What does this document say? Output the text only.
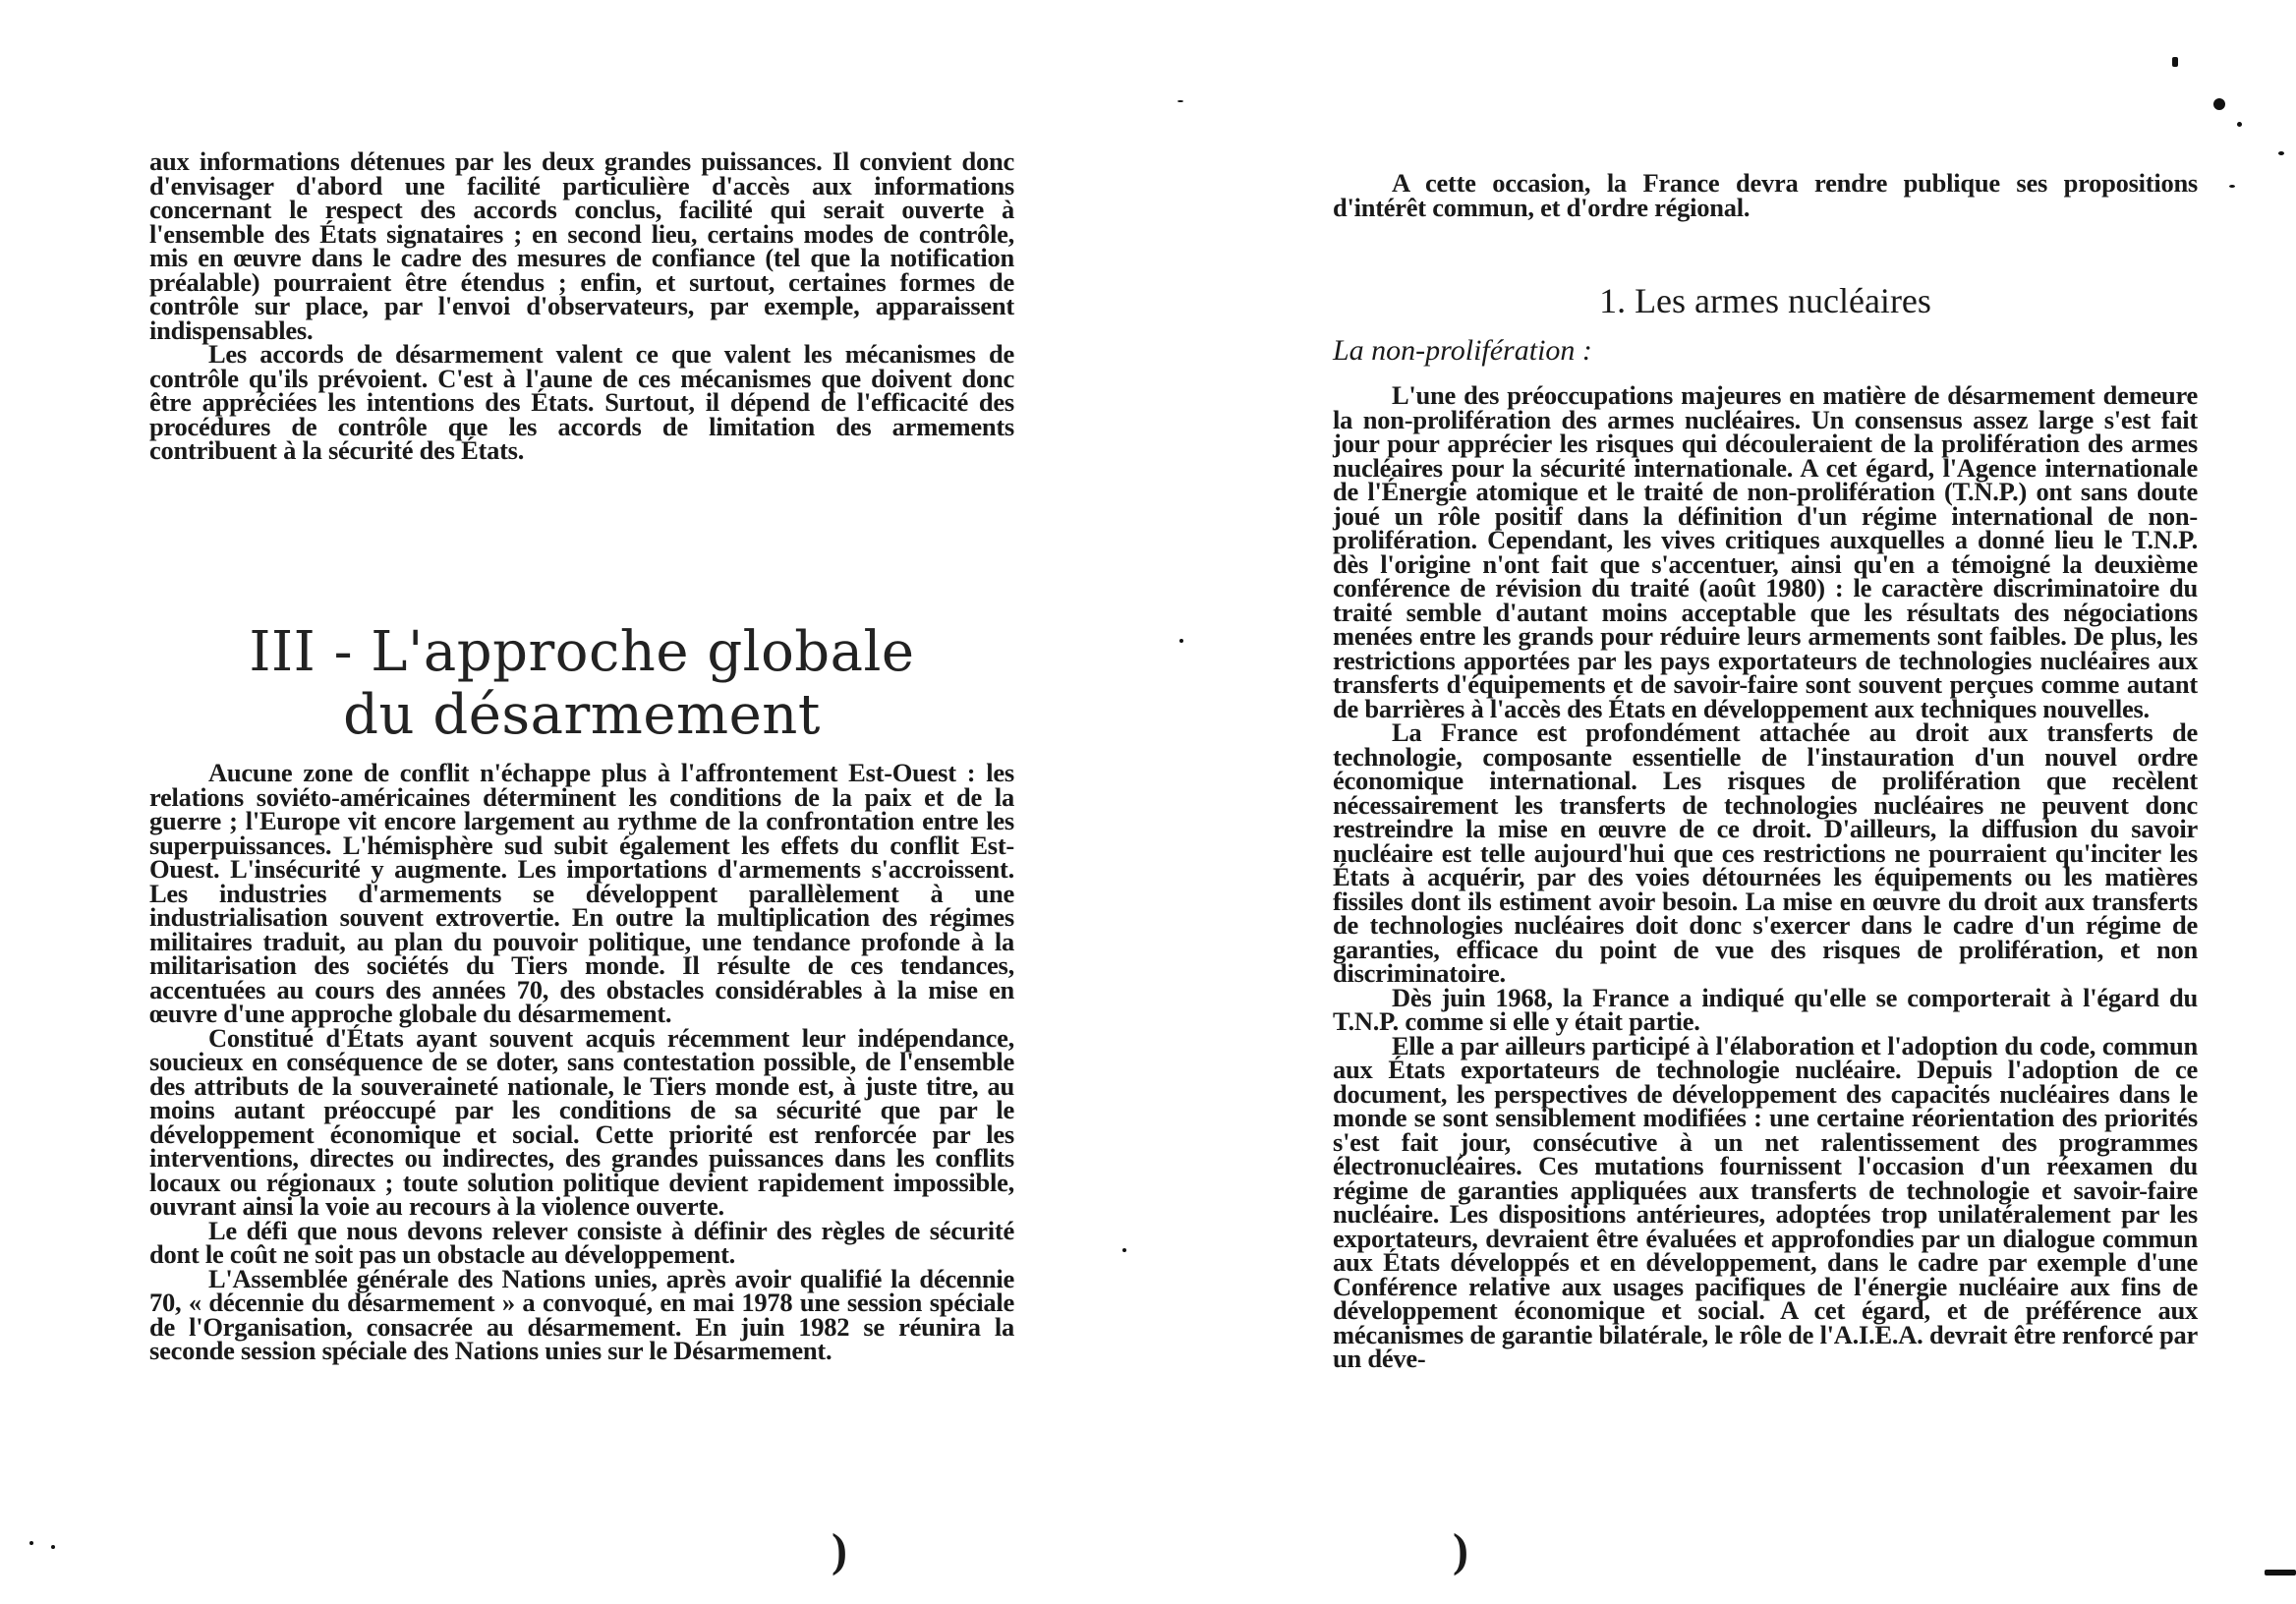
aux informations détenues par les deux grandes puissances. Il convient donc d'envisager d'abord une facilité particulière d'accès aux informations concernant le respect des accords conclus, facilité qui serait ouverte à l'ensemble des États signataires ; en second lieu, certains modes de contrôle, mis en œuvre dans le cadre des mesures de confiance (tel que la notification préalable) pourraient être étendus ; enfin, et surtout, certaines formes de contrôle sur place, par l'envoi d'observateurs, par exemple, apparaissent indispensables.

Les accords de désarmement valent ce que valent les mécanismes de contrôle qu'ils prévoient. C'est à l'aune de ces mécanismes que doivent donc être appréciées les intentions des États. Surtout, il dépend de l'efficacité des procédures de contrôle que les accords de limitation des armements contribuent à la sécurité des États.

III - L'approche globale
du désarmement

Aucune zone de conflit n'échappe plus à l'affrontement Est-Ouest : les relations soviéto-américaines déterminent les conditions de la paix et de la guerre ; l'Europe vit encore largement au rythme de la confrontation entre les superpuissances. L'hémisphère sud subit également les effets du conflit Est-Ouest. L'insécurité y augmente. Les importations d'armements s'accroissent. Les industries d'armements se développent parallèlement à une industrialisation souvent extrovertie. En outre la multiplication des régimes militaires traduit, au plan du pouvoir politique, une tendance profonde à la militarisation des sociétés du Tiers monde. Il résulte de ces tendances, accentuées au cours des années 70, des obstacles considérables à la mise en œuvre d'une approche globale du désarmement.

Constitué d'États ayant souvent acquis récemment leur indépendance, soucieux en conséquence de se doter, sans contestation possible, de l'ensemble des attributs de la souveraineté nationale, le Tiers monde est, à juste titre, au moins autant préoccupé par les conditions de sa sécurité que par le développement économique et social. Cette priorité est renforcée par les interventions, directes ou indirectes, des grandes puissances dans les conflits locaux ou régionaux ; toute solution politique devient rapidement impossible, ouvrant ainsi la voie au recours à la violence ouverte.

Le défi que nous devons relever consiste à définir des règles de sécurité dont le coût ne soit pas un obstacle au développement.

L'Assemblée générale des Nations unies, après avoir qualifié la décennie 70, « décennie du désarmement » a convoqué, en mai 1978 une session spéciale de l'Organisation, consacrée au désarmement. En juin 1982 se réunira la seconde session spéciale des Nations unies sur le Désarmement.

)

A cette occasion, la France devra rendre publique ses propositions d'intérêt commun, et d'ordre régional.

1. Les armes nucléaires
La non-prolifération :

L'une des préoccupations majeures en matière de désarmement demeure la non-prolifération des armes nucléaires. Un consensus assez large s'est fait jour pour apprécier les risques qui découleraient de la prolifération des armes nucléaires pour la sécurité internationale. A cet égard, l'Agence internationale de l'Énergie atomique et le traité de non-prolifération (T.N.P.) ont sans doute joué un rôle positif dans la définition d'un régime international de non-prolifération. Cependant, les vives critiques auxquelles a donné lieu le T.N.P. dès l'origine n'ont fait que s'accentuer, ainsi qu'en a témoigné la deuxième conférence de révision du traité (août 1980) : le caractère discriminatoire du traité semble d'autant moins acceptable que les résultats des négociations menées entre les grands pour réduire leurs armements sont faibles. De plus, les restrictions apportées par les pays exportateurs de technologies nucléaires aux transferts d'équipements et de savoir-faire sont souvent perçues comme autant de barrières à l'accès des États en développement aux techniques nouvelles.

La France est profondément attachée au droit aux transferts de technologie, composante essentielle de l'instauration d'un nouvel ordre économique international. Les risques de prolifération que recèlent nécessairement les transferts de technologies nucléaires ne peuvent donc restreindre la mise en œuvre de ce droit. D'ailleurs, la diffusion du savoir nucléaire est telle aujourd'hui que ces restrictions ne pourraient qu'inciter les États à acquérir, par des voies détournées les équipements ou les matières fissiles dont ils estiment avoir besoin. La mise en œuvre du droit aux transferts de technologies nucléaires doit donc s'exercer dans le cadre d'un régime de garanties, efficace du point de vue des risques de prolifération, et non discriminatoire.

Dès juin 1968, la France a indiqué qu'elle se comporterait à l'égard du T.N.P. comme si elle y était partie.

Elle a par ailleurs participé à l'élaboration et l'adoption du code, commun aux États exportateurs de technologie nucléaire. Depuis l'adoption de ce document, les perspectives de développement des capacités nucléaires dans le monde se sont sensiblement modifiées : une certaine réorientation des priorités s'est fait jour, consécutive à un net ralentissement des programmes électronucléaires. Ces mutations fournissent l'occasion d'un réexamen du régime de garanties appliquées aux transferts de technologie et savoir-faire nucléaire. Les dispositions antérieures, adoptées trop unilatéralement par les exportateurs, devraient être évaluées et approfondies par un dialogue commun aux États développés et en développement, dans le cadre par exemple d'une Conférence relative aux usages pacifiques de l'énergie nucléaire aux fins de développement économique et social. A cet égard, et de préférence aux mécanismes de garantie bilatérale, le rôle de l'A.I.E.A. devrait être renforcé par un déve-

)
